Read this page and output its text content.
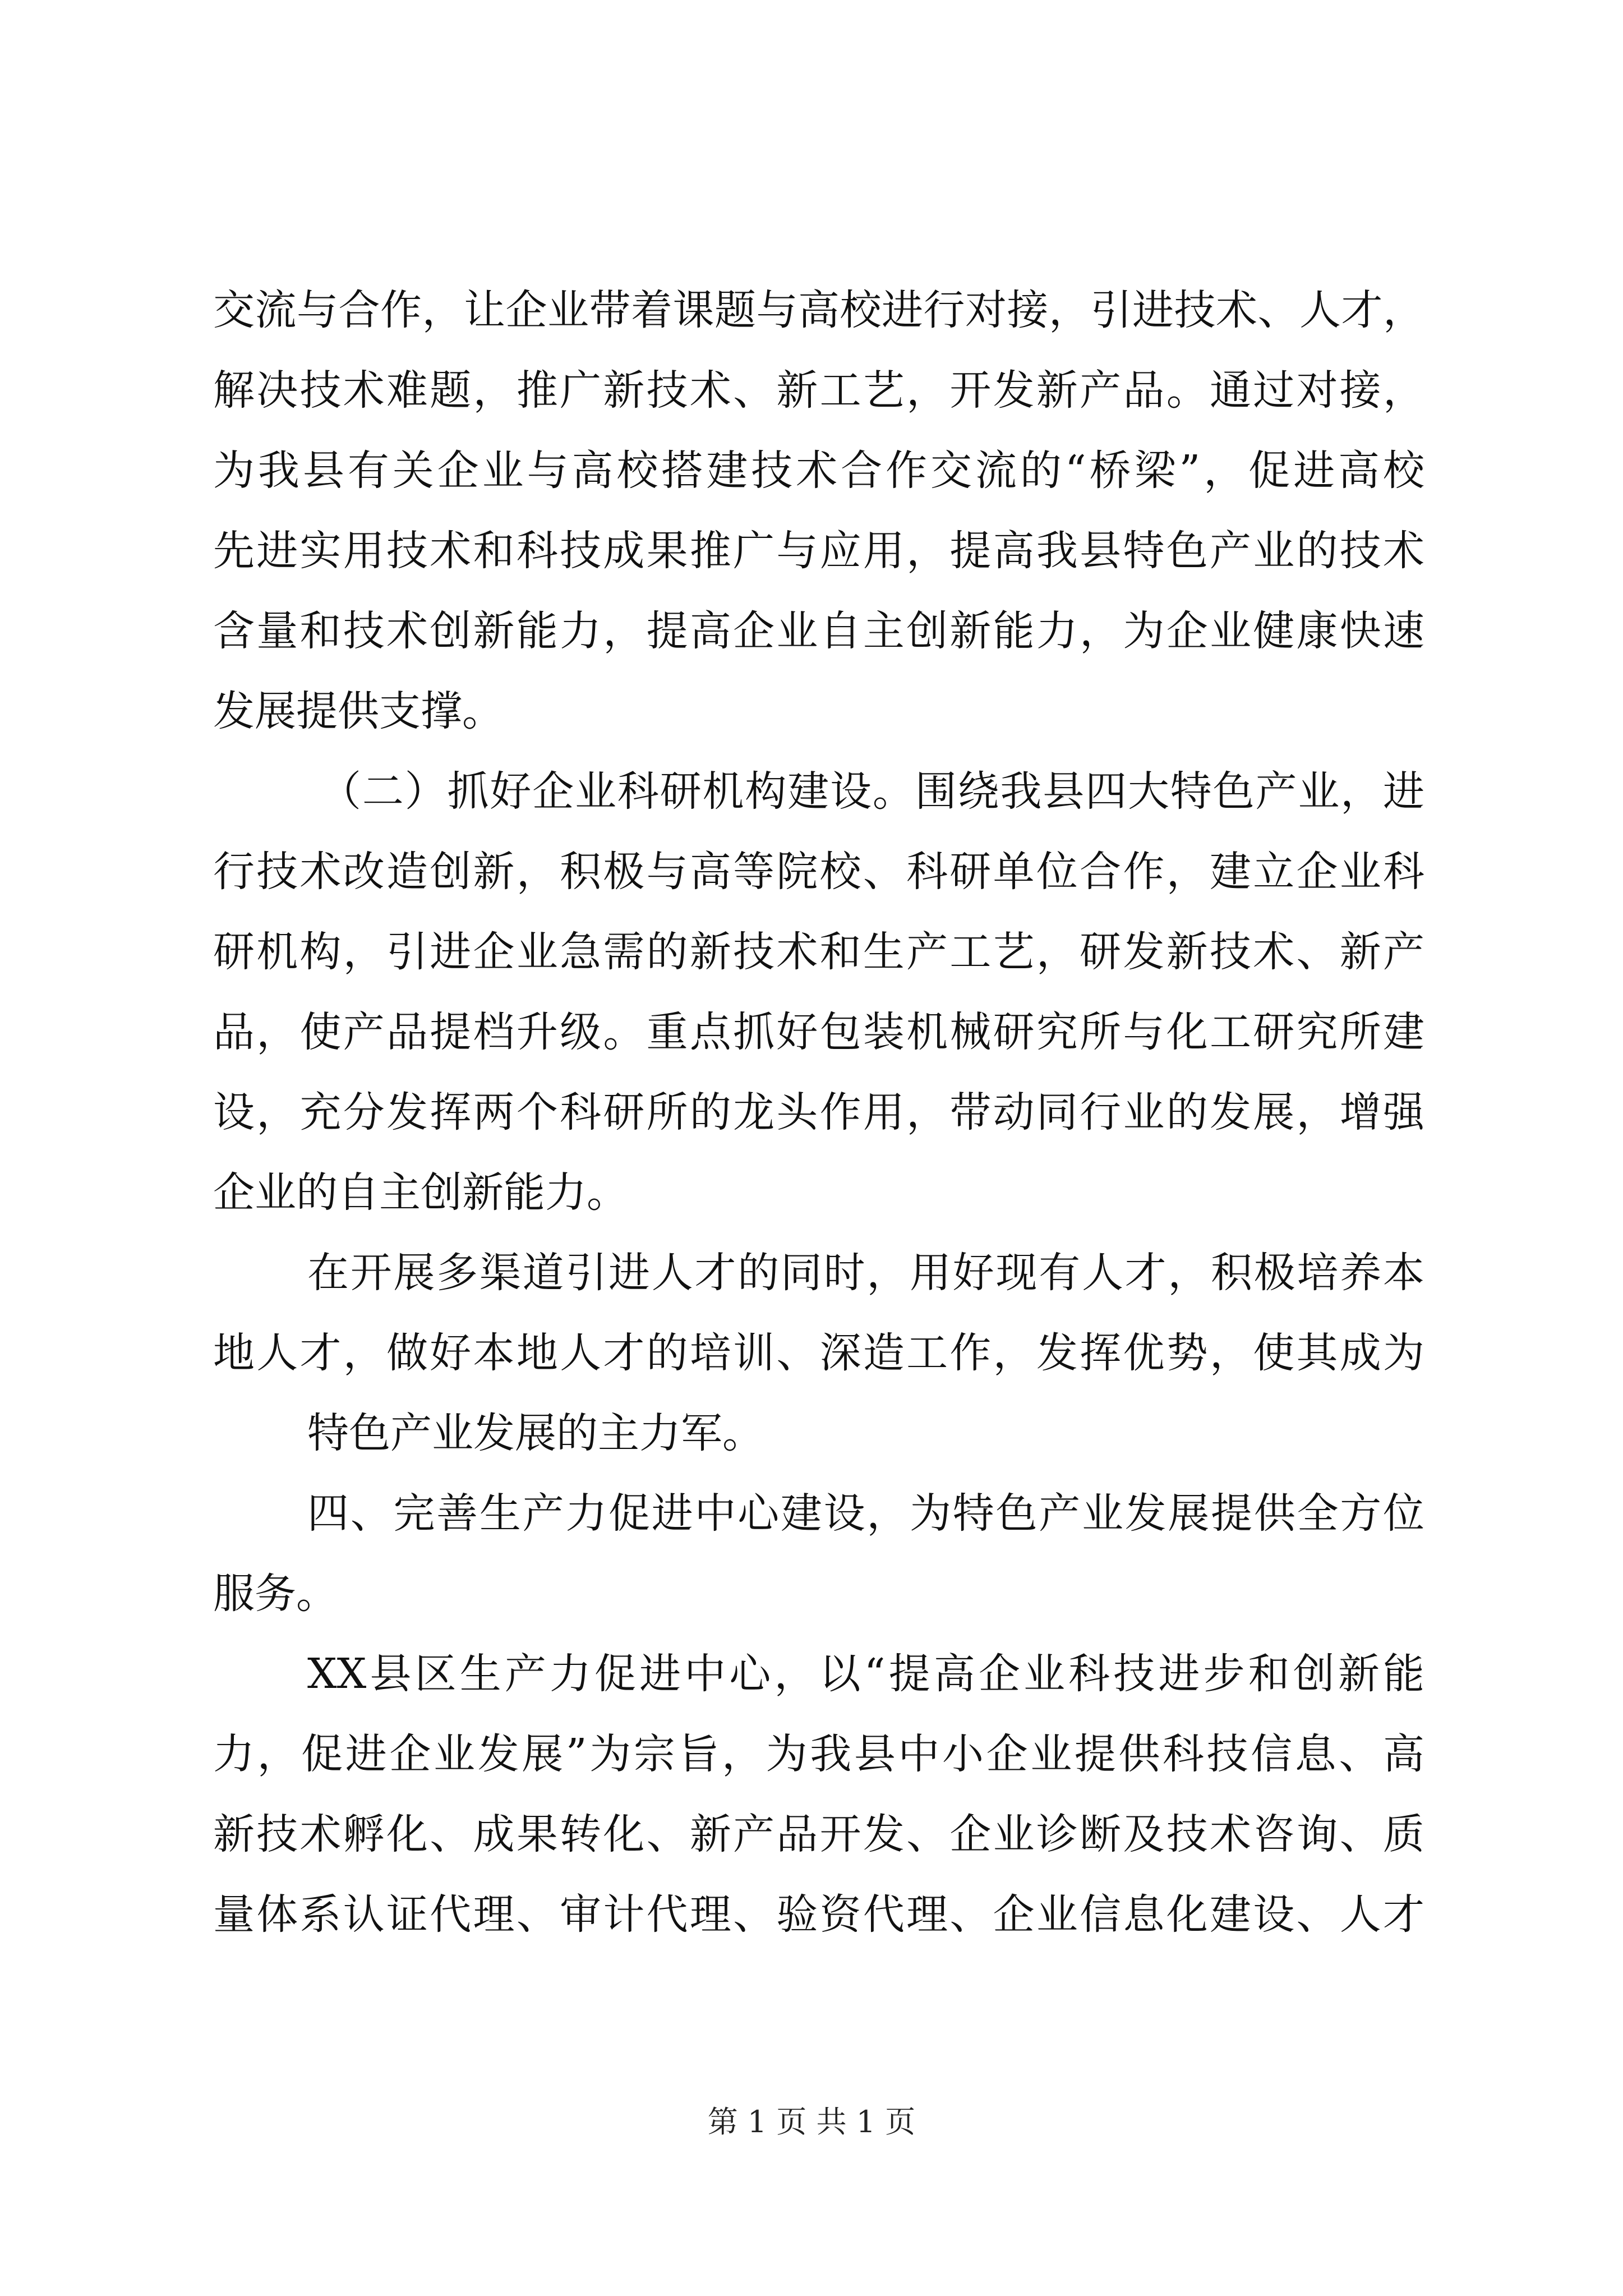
交流与合作，让企业带着课题与高校进行对接，引进技术、人才，
解决技术难题，推广新技术、新工艺，开发新产品。通过对接，
为我县有关企业与高校搭建技术合作交流的“桥梁”，促进高校
先进实用技术和科技成果推广与应用，提高我县特色产业的技术
含量和技术创新能力，提高企业自主创新能力，为企业健康快速
发展提供支撑。
（二）抓好企业科研机构建设。围绕我县四大特色产业，进
行技术改造创新，积极与高等院校、科研单位合作，建立企业科
研机构，引进企业急需的新技术和生产工艺，研发新技术、新产
品，使产品提档升级。重点抓好包装机械研究所与化工研究所建
设，充分发挥两个科研所的龙头作用，带动同行业的发展，增强
企业的自主创新能力。
在开展多渠道引进人才的同时，用好现有人才，积极培养本
地人才，做好本地人才的培训、深造工作，发挥优势，使其成为
特色产业发展的主力军。
四、完善生产力促进中心建设，为特色产业发展提供全方位
服务。
XX县区生产力促进中心，以“提高企业科技进步和创新能
力，促进企业发展”为宗旨，为我县中小企业提供科技信息、高
新技术孵化、成果转化、新产品开发、企业诊断及技术咨询、质
量体系认证代理、审计代理、验资代理、企业信息化建设、人才
第 1 页 共 1 页
